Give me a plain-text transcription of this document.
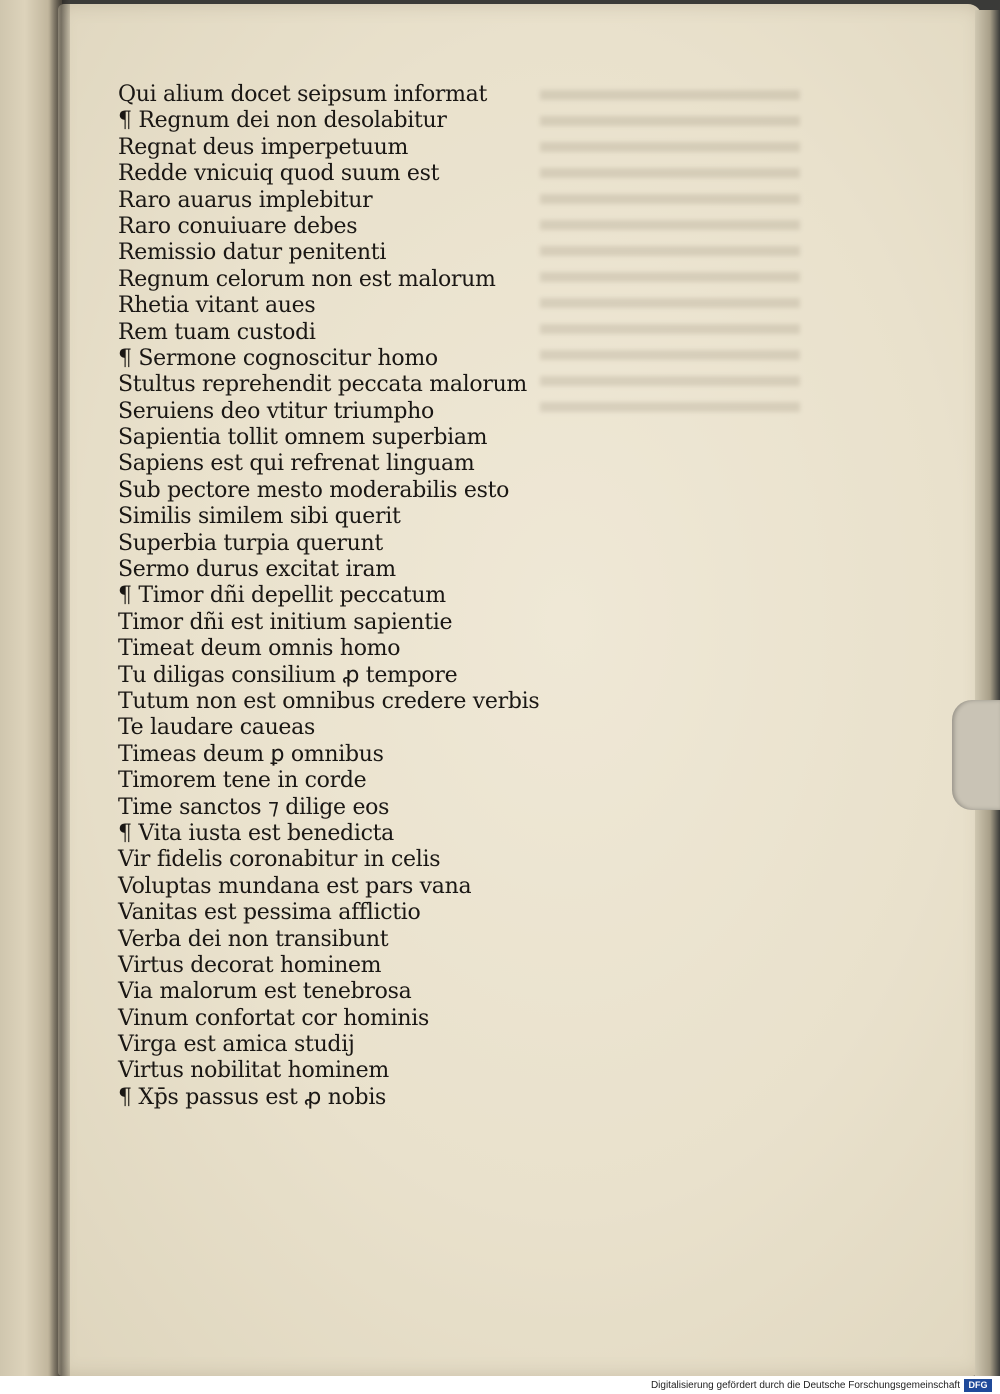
Qui alium docet seipsum informat
¶ Regnum dei non desolabitur
Regnat deus imperpetuum
Redde vnicuiq quod suum est
Raro auarus implebitur
Raro conuiuare debes
Remissio datur penitenti
Regnum celorum non est malorum
Rhetia vitant aues
Rem tuam custodi
¶ Sermone cognoscitur homo
Stultus reprehendit peccata malorum
Seruiens deo vtitur triumpho
Sapientia tollit omnem superbiam
Sapiens est qui refrenat linguam
Sub pectore mesto moderabilis esto
Similis similem sibi querit
Superbia turpia querunt
Sermo durus excitat iram
¶ Timor dñi depellit peccatum
Timor dñi est initium sapientie
Timeat deum omnis homo
Tu diligas consilium ꝓ tempore
Tutum non est omnibus credere verbis
Te laudare caueas
Timeas deum ꝑ omnibus
Timorem tene in corde
Time sanctos ⁊ dilige eos
¶ Vita iusta est benedicta
Vir fidelis coronabitur in celis
Voluptas mundana est pars vana
Vanitas est pessima afflictio
Verba dei non transibunt
Virtus decorat hominem
Via malorum est tenebrosa
Vinum confortat cor hominis
Virga est amica studij
Virtus nobilitat hominem
¶ Xp̄s passus est ꝓ nobis
Digitalisierung gefördert durch die Deutsche Forschungsgemeinschaft DFG
